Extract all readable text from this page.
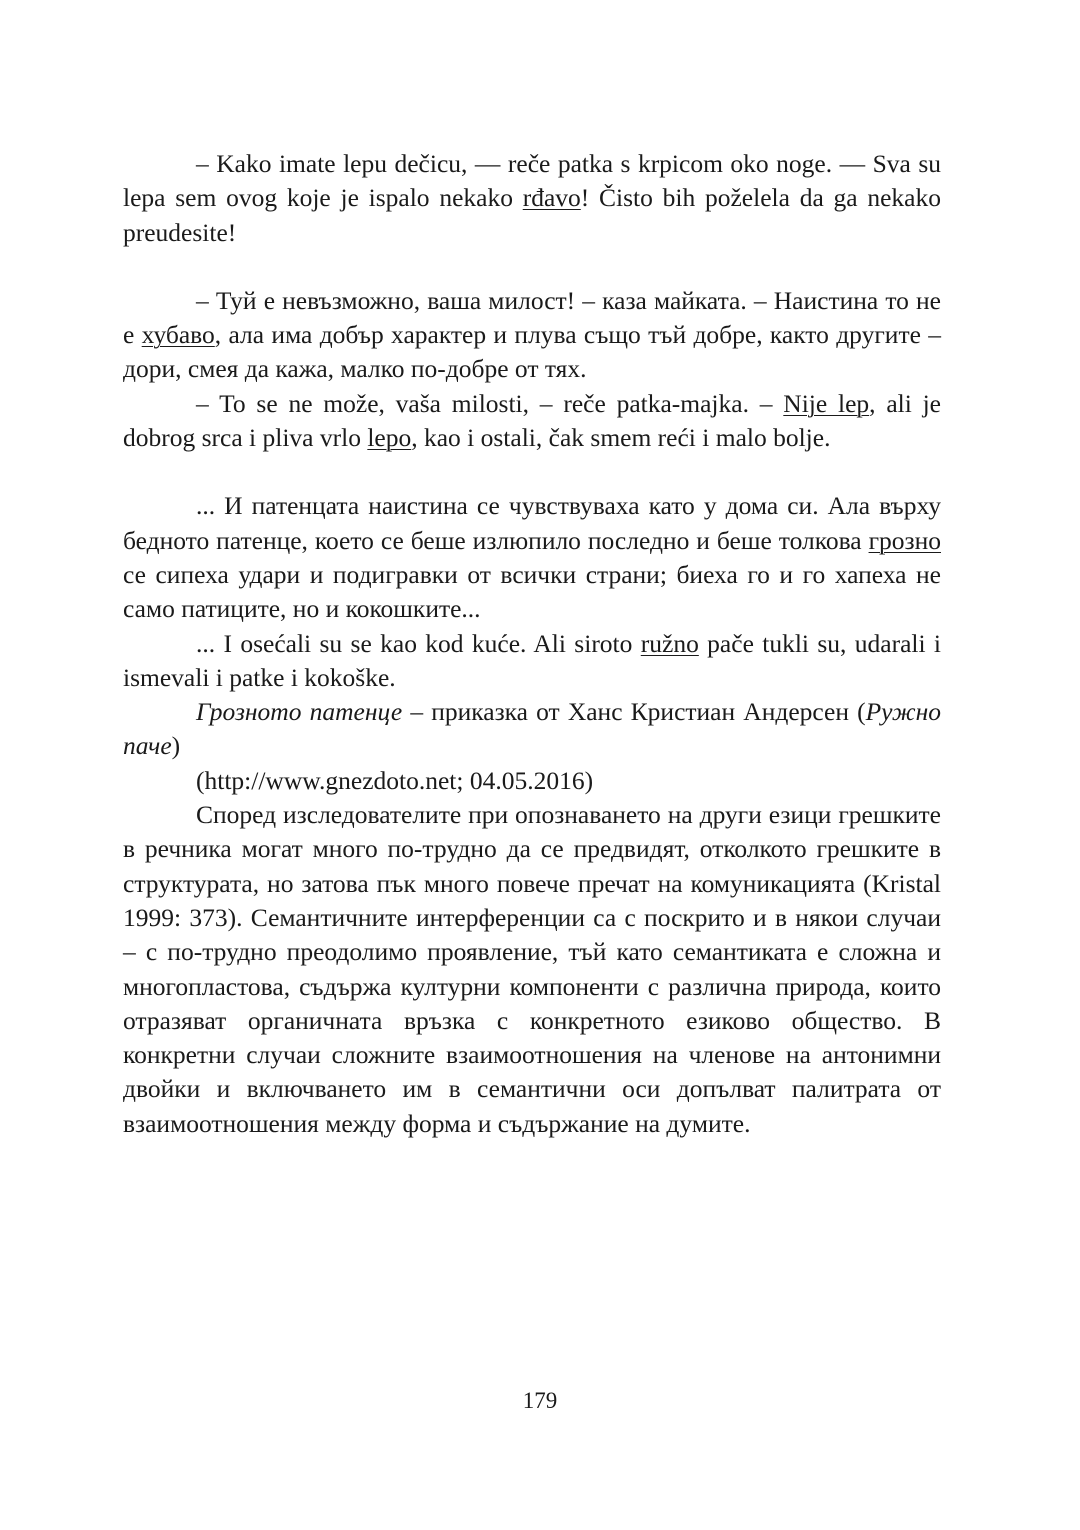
– Kako imate lepu dečicu, — reče patka s krpicom oko noge. — Sva su lepa sem ovog koje je ispalo nekako rđavo! Čisto bih poželela da ga nekako preudesite!

– Туй е невъзможно, ваша милост! – каза майката. – Наистина то не е хубаво, ала има добър характер и плува също тъй добре, както другите – дори, смея да кажа, малко по-добре от тях.

– To se ne može, vaša milosti, – reče patka-majka. – Nije lep, ali je dobrog srca i pliva vrlo lepo, kao i ostali, čak smem reći i malo bolje.

... И патенцата наистина се чувствуваха като у дома си. Ала върху бедното патенце, което се беше излюпило последно и беше толкова грозно се сипеха удари и подигравки от всички страни; биеха го и го хапеха не само патиците, но и кокошките...

... I osećali su se kao kod kuće. Ali siroto ružno pače tukli su, udarali i ismevali i patke i kokoške.

Грозното патенце – приказка от Ханс Кристиан Андерсен (Ружно паче)

(http://www.gnezdoto.net; 04.05.2016)

Според изследователите при опознаването на други езици грешките в речника могат много по-трудно да се предвидят, отколкото грешките в структурата, но затова пък много повече пречат на комуникацията (Kristal 1999: 373). Семантичните интерференции са с поскрито и в някои случаи – с по-трудно преодолимо проявление, тъй като семантиката е сложна и многопластова, съдържа културни компоненти с различна природа, които отразяват органичната връзка с конкретното езиково общество. В конкретни случаи сложните взаимоотношения на членове на антонимни двойки и включването им в семантични оси допълват палитрата от взаимоотношения между форма и съдържание на думите.

179
